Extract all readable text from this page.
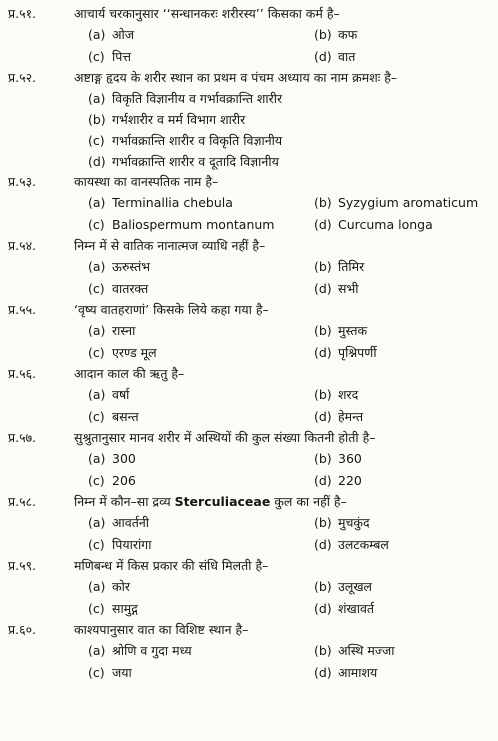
प्र.५१.	आचार्य चरकानुसार ‘‘सन्धानकरः शरीरस्य’’ किसका कर्म है–
(a) ओज	(b) कफ
(c) पित्त	(d) वात
प्र.५२.	अष्टाङ्ग हृदय के शरीर स्थान का प्रथम व पंचम अध्याय का नाम क्रमशः है–
(a) विकृति विज्ञानीय व गर्भावक्रान्ति शारीर
(b) गर्भशारीर व मर्म विभाग शारीर
(c) गर्भावक्रान्ति शारीर व विकृति विज्ञानीय
(d) गर्भावक्रान्ति शारीर व दूतादि विज्ञानीय
प्र.५३.	कायस्था का वानस्पतिक नाम है–
(a) Terminallia chebula	(b) Syzygium aromaticum
(c) Baliospermum montanum	(d) Curcuma longa
प्र.५४.	निम्न में से वातिक नानात्मज व्याधि नहीं है–
(a) ऊरुस्तंभ	(b) तिमिर
(c) वातरक्त	(d) सभी
प्र.५५.	‘वृष्य वातहराणां’ किसके लिये कहा गया है–
(a) रास्ना	(b) मुस्तक
(c) एरण्ड मूल	(d) पृश्निपर्णी
प्र.५६.	आदान काल की ऋतु है–
(a) वर्षा	(b) शरद
(c) बसन्त	(d) हेमन्त
प्र.५७.	सुश्रुतानुसार मानव शरीर में अस्थियों की कुल संख्या कितनी होती है–
(a) 300	(b) 360
(c) 206	(d) 220
प्र.५८.	निम्न में कौन–सा द्रव्य Sterculiaceae कुल का नहीं है–
(a) आवर्तनी	(b) मुचकुंद
(c) पियारांगा	(d) उलटकम्बल
प्र.५९.	मणिबन्ध में किस प्रकार की संधि मिलती है–
(a) कोर	(b) उलूखल
(c) सामुद्ग	(d) शंखावर्त
प्र.६०.	काश्यपानुसार वात का विशिष्ट स्थान है–
(a) श्रोणि व गुदा मध्य	(b) अस्थि मज्जा
(c) जया	(d) आमाशय
